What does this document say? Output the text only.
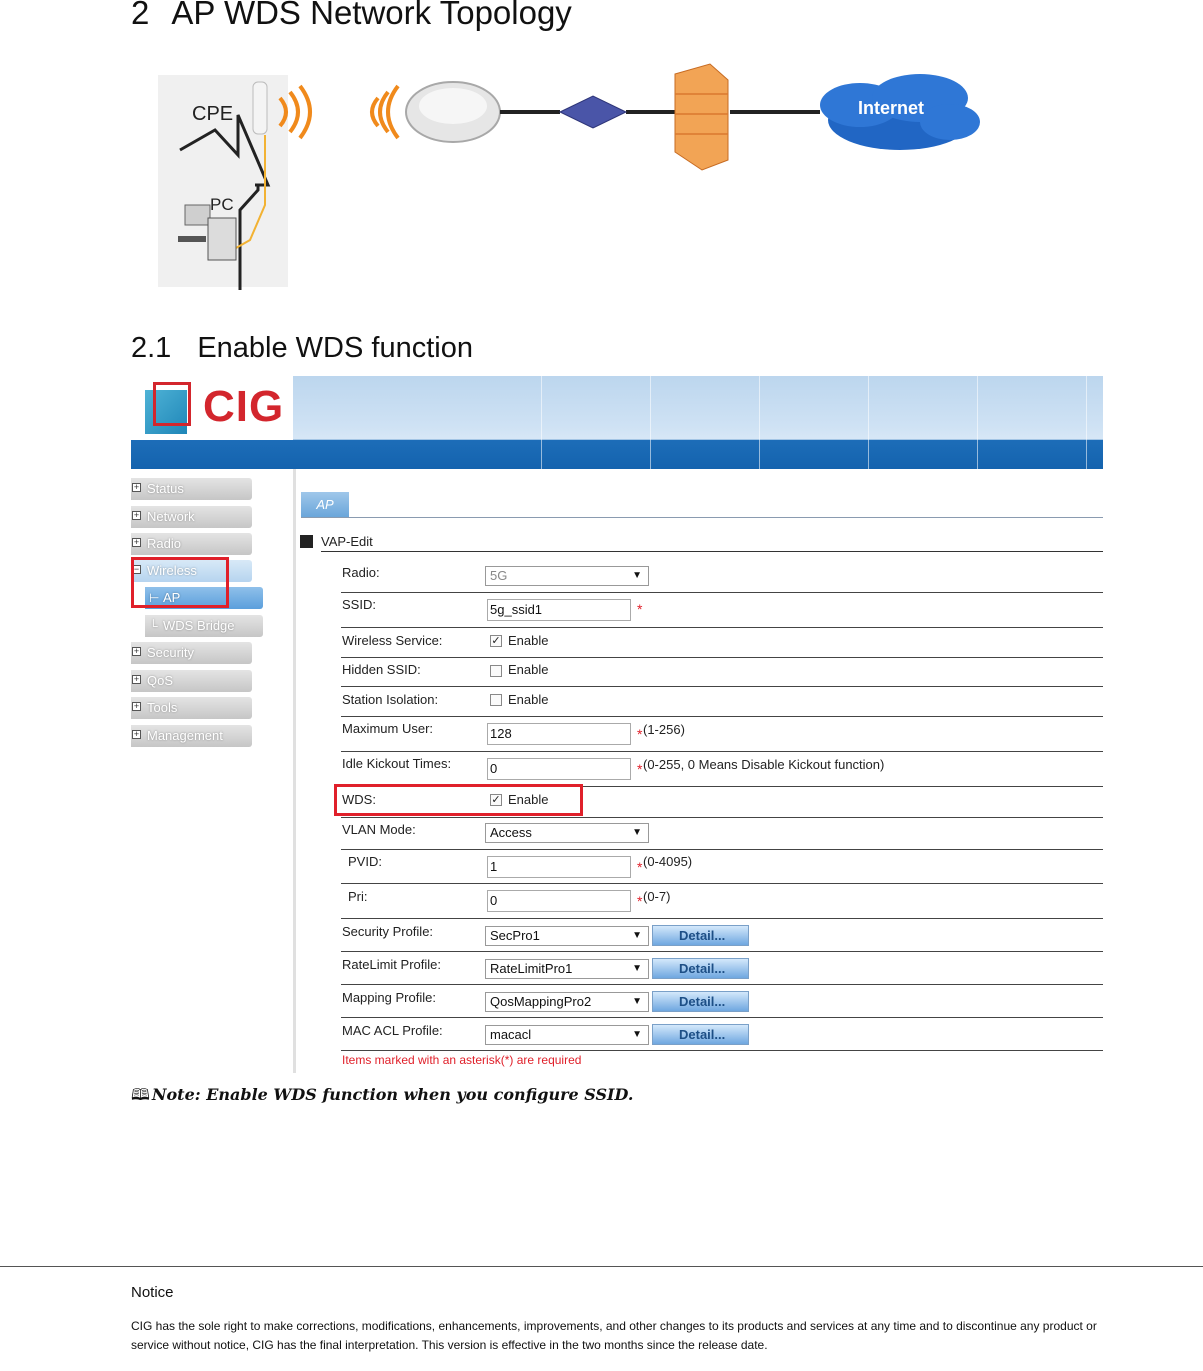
2 AP WDS Network Topology
CPE
PC
Internet
2.1 Enable WDS function
CIG
+ Status
+ Network
+ Radio
− Wireless
⊢ AP
└ WDS Bridge
+ Security
+ QoS
+ Tools
+ Management
AP
VAP-Edit
Radio:	5G	▼
SSID:	5g_ssid1	*
Wireless Service:	✓ Enable
Hidden SSID:	Enable
Station Isolation:	Enable
Maximum User:	128	* (1-256)
Idle Kickout Times:	0	* (0-255, 0 Means Disable Kickout function)
WDS:	✓ Enable
VLAN Mode:	Access	▼
PVID:	1	* (0-4095)
Pri:	0	* (0-7)
Security Profile:	SecPro1	▼	Detail...
RateLimit Profile:	RateLimitPro1	▼	Detail...
Mapping Profile:	QosMappingPro2	▼	Detail...
MAC ACL Profile:	macacl	▼	Detail...
Items marked with an asterisk(*) are required
🕮 Note: Enable WDS function when you configure SSID.
Notice
CIG has the sole right to make corrections, modifications, enhancements, improvements, and other changes to its products and services at any time and to discontinue any product or service without notice, CIG has the final interpretation. This version is effective in the two months since the release date.
